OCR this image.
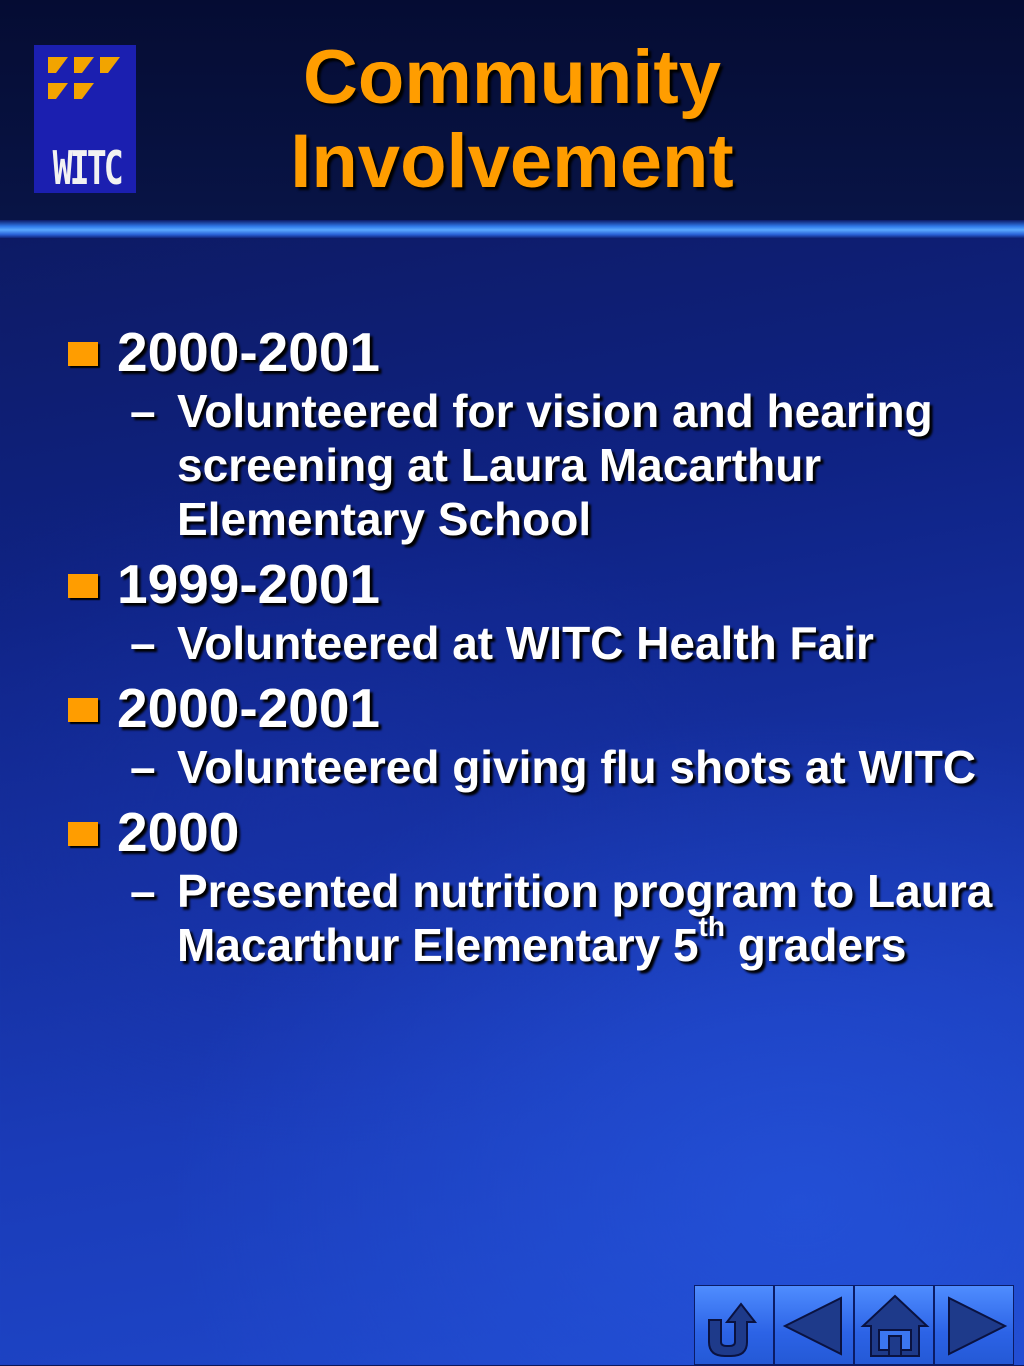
WITC
Community
Involvement
2000-2001
– Volunteered for vision and hearing screening at Laura Macarthur Elementary School
1999-2001
– Volunteered at WITC Health Fair
2000-2001
– Volunteered giving flu shots at WITC
2000
– Presented nutrition program to Laura Macarthur Elementary 5th graders
